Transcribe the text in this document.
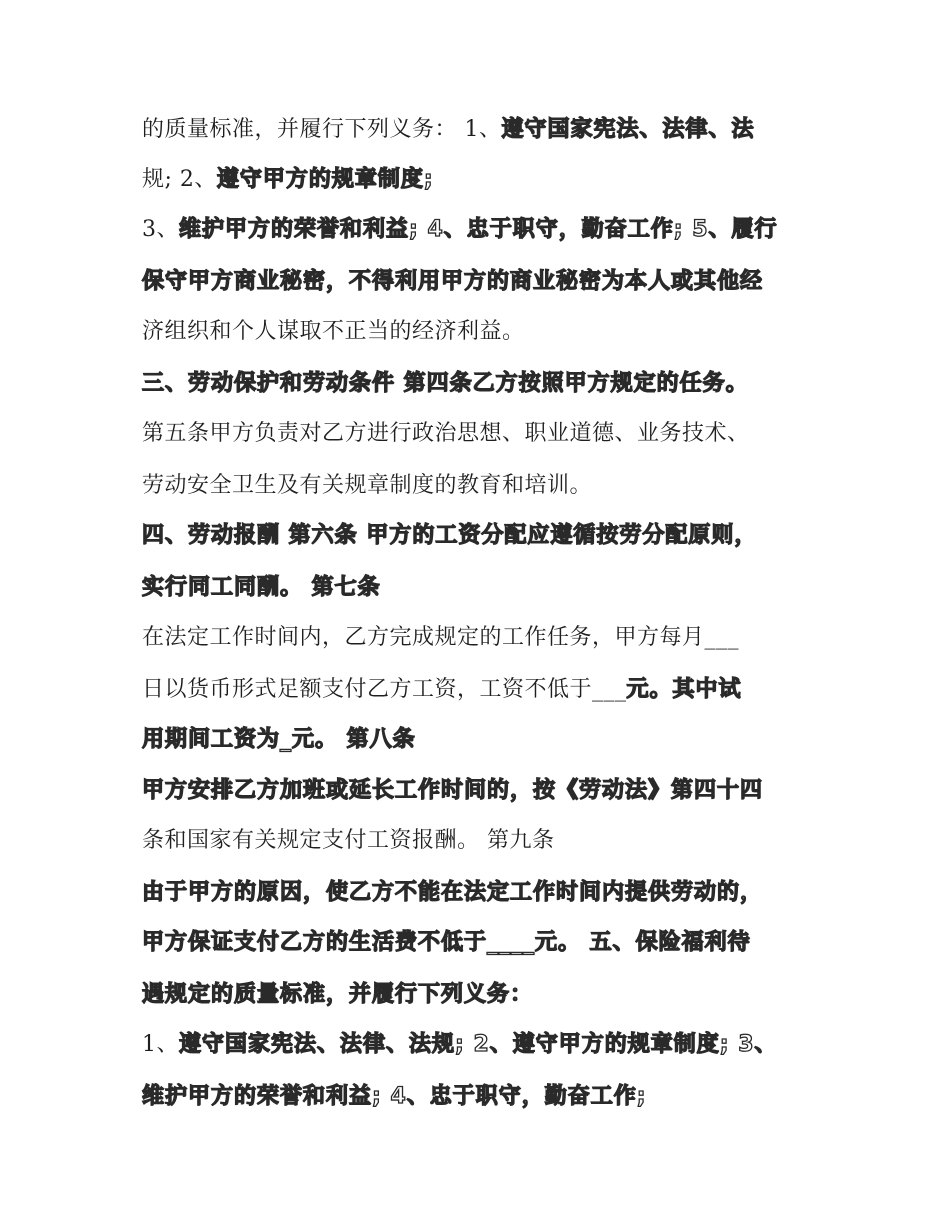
的质量标准，并履行下列义务： 1、遵守国家宪法、法律、法
规; 2、遵守甲方的规章制度;
3、维护甲方的荣誉和利益; 4、忠于职守，勤奋工作; 5、履行
保守甲方商业秘密，不得利用甲方的商业秘密为本人或其他经
济组织和个人谋取不正当的经济利益。
三、劳动保护和劳动条件 第四条乙方按照甲方规定的任务。
第五条甲方负责对乙方进行政治思想、职业道德、业务技术、
劳动安全卫生及有关规章制度的教育和培训。
四、劳动报酬 第六条 甲方的工资分配应遵循按劳分配原则，
实行同工同酬。 第七条
在法定工作时间内，乙方完成规定的工作任务，甲方每月___
日以货币形式足额支付乙方工资，工资不低于___元。其中试
用期间工资为_元。 第八条
甲方安排乙方加班或延长工作时间的，按《劳动法》第四十四
条和国家有关规定支付工资报酬。 第九条
由于甲方的原因，使乙方不能在法定工作时间内提供劳动的，
甲方保证支付乙方的生活费不低于____元。 五、保险福利待
遇规定的质量标准，并履行下列义务：
1、遵守国家宪法、法律、法规; 2、遵守甲方的规章制度; 3、
维护甲方的荣誉和利益; 4、忠于职守，勤奋工作;
